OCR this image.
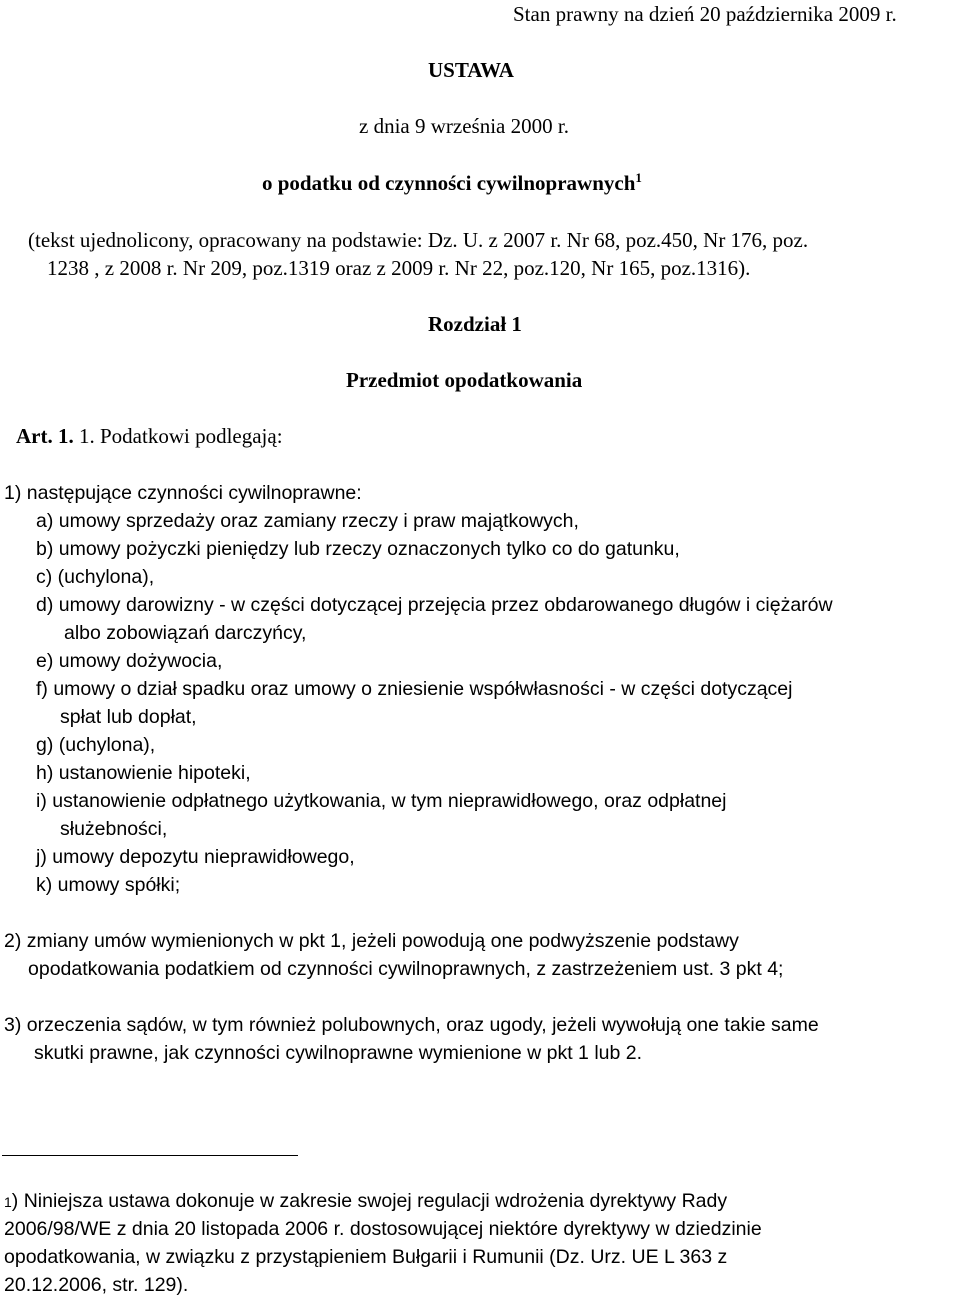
Stan prawny na dzień 20 października 2009 r.
USTAWA
z dnia 9 września 2000 r.
o podatku od czynności cywilnoprawnych$^1$
(tekst ujednolicony, opracowany na podstawie: Dz. U. z 2007 r. Nr 68, poz.450, Nr 176, poz.
1238 , z 2008 r. Nr 209, poz.1319 oraz z 2009 r. Nr 22, poz.120, Nr 165, poz.1316).
Rozdział 1
Przedmiot opodatkowania
Art. 1. 1. Podatkowi podlegają:
1) następujące czynności cywilnoprawne:
a) umowy sprzedaży oraz zamiany rzeczy i praw majątkowych,
b) umowy pożyczki pieniędzy lub rzeczy oznaczonych tylko co do gatunku,
c) (uchylona),
d) umowy darowizny - w części dotyczącej przejęcia przez obdarowanego długów i ciężarów
albo zobowiązań darczyńcy,
e) umowy dożywocia,
f) umowy o dział spadku oraz umowy o zniesienie współwłasności - w części dotyczącej
spłat lub dopłat,
g) (uchylona),
h) ustanowienie hipoteki,
i) ustanowienie odpłatnego użytkowania, w tym nieprawidłowego, oraz odpłatnej
służebności,
j) umowy depozytu nieprawidłowego,
k) umowy spółki;
2) zmiany umów wymienionych w pkt 1, jeżeli powodują one podwyższenie podstawy
opodatkowania podatkiem od czynności cywilnoprawnych, z zastrzeżeniem ust. 3 pkt 4;
3) orzeczenia sądów, w tym również polubownych, oraz ugody, jeżeli wywołują one takie same
skutki prawne, jak czynności cywilnoprawne wymienione w pkt 1 lub 2.
1) Niniejsza ustawa dokonuje w zakresie swojej regulacji wdrożenia dyrektywy Rady
2006/98/WE z dnia 20 listopada 2006 r. dostosowującej niektóre dyrektywy w dziedzinie
opodatkowania, w związku z przystąpieniem Bułgarii i Rumunii (Dz. Urz. UE L 363 z
20.12.2006, str. 129).
